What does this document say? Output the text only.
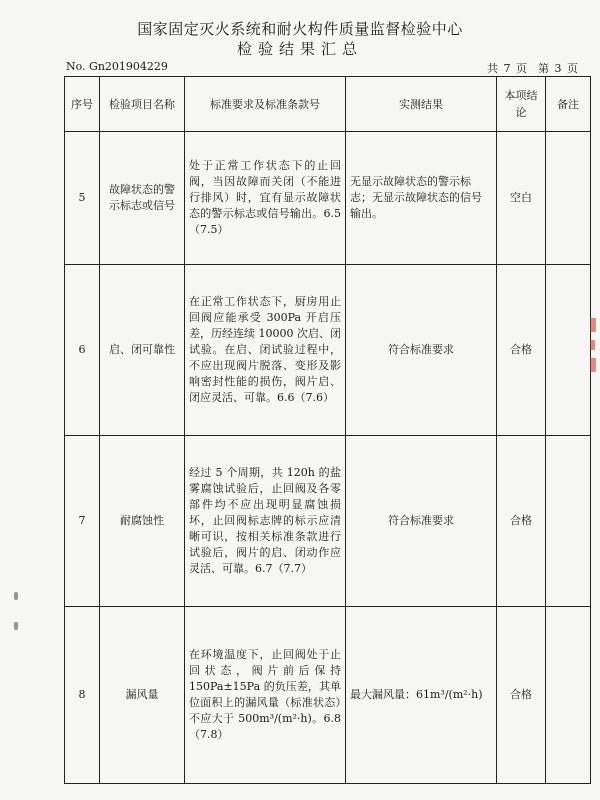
国家固定灭火系统和耐火构件质量监督检验中心
检验结果汇总
No. Gn201904229	共 7 页　第 3 页
序号	检验项目名称	标准要求及标准条款号	实测结果	本项结论	备注
5	故障状态的警示标志或信号	处于正常工作状态下的止回阀，当因故障而关闭（不能进行排风）时，宜有显示故障状态的警示标志或信号输出。6.5（7.5）	无显示故障状态的警示标志；无显示故障状态的信号输出。	空白	
6	启、闭可靠性	在正常工作状态下，厨房用止回阀应能承受 300Pa 开启压差，历经连续 10000 次启、闭试验。在启、闭试验过程中，不应出现阀片脱落、变形及影响密封性能的损伤，阀片启、闭应灵活、可靠。6.6（7.6）	符合标准要求	合格	
7	耐腐蚀性	经过 5 个周期，共 120h 的盐雾腐蚀试验后，止回阀及各零部件均不应出现明显腐蚀损坏，止回阀标志牌的标示应清晰可识，按相关标准条款进行试验后，阀片的启、闭动作应灵活、可靠。6.7（7.7）	符合标准要求	合格	
8	漏风量	在环境温度下，止回阀处于止回状态，阀片前后保持150Pa±15Pa 的负压差，其单位面积上的漏风量（标准状态）不应大于 500m³/(m²·h)。6.8（7.8）	最大漏风量：61m³/(m²·h)	合格	
